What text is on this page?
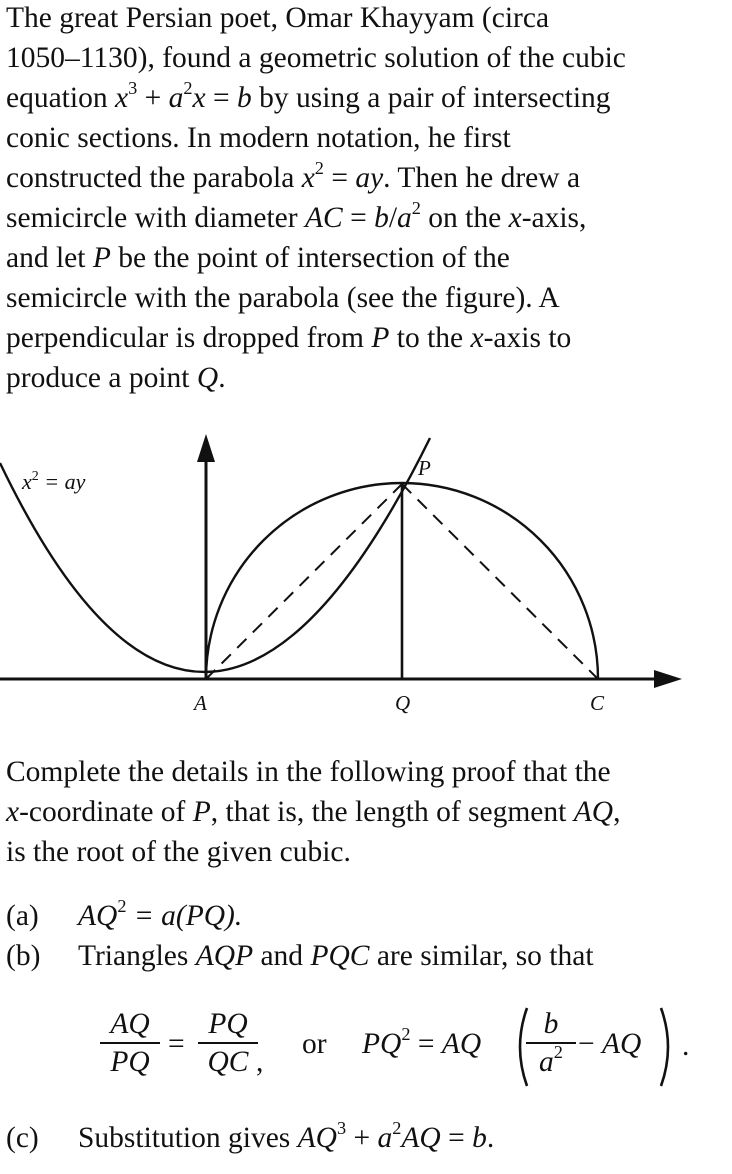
The great Persian poet, Omar Khayyam (circa
1050–1130), found a geometric solution of the cubic
equation $x^3 + a^2x = b$ by using a pair of intersecting
conic sections. In modern notation, he first
constructed the parabola $x^2$ = ay. Then he drew a
semicircle with diameter AC = $b/a^2$ on the x-axis,
and let P be the point of intersection of the
semicircle with the parabola (see the figure). A
perpendicular is dropped from P to the x-axis to
produce a point Q.
$x^2$ = ay
P
A	Q	C
Complete the details in the following proof that the
x-coordinate of P, that is, the length of segment AQ,
is the root of the given cubic.
(a) $AQ^2 = a(PQ)$.
(b) Triangles AQP and PQC are similar, so that
AQ
PQ
=
PQ
QC ,
or $PQ^2$ = AQ
b
$a^2$ − AQ .
(c) Substitution gives $AQ^3 + a^2AQ = b$.
